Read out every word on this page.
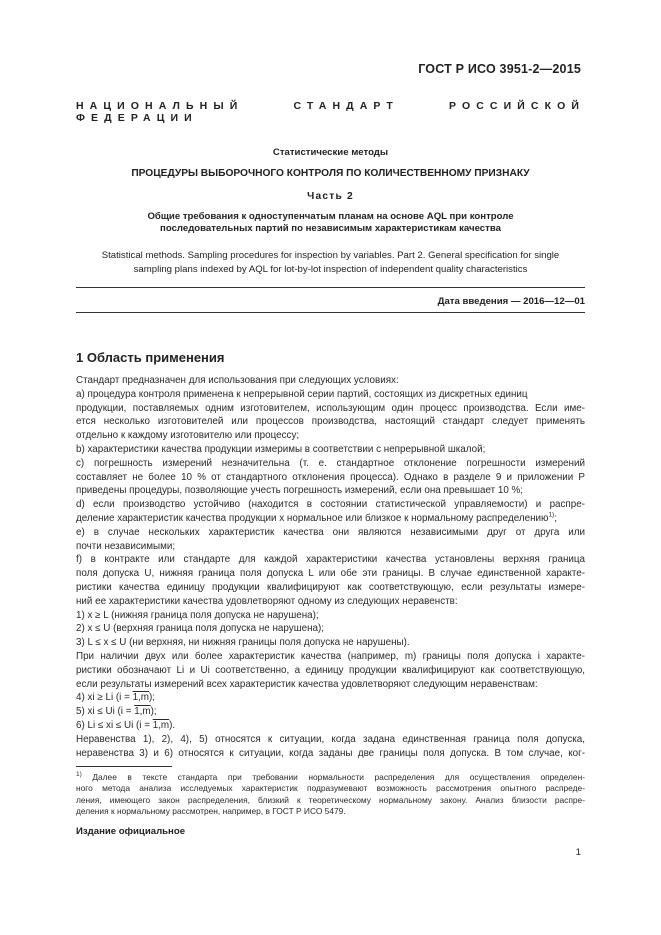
ГОСТ Р ИСО 3951-2—2015
НАЦИОНАЛЬНЫЙ СТАНДАРТ РОССИЙСКОЙ ФЕДЕРАЦИИ
Статистические методы
ПРОЦЕДУРЫ ВЫБОРОЧНОГО КОНТРОЛЯ ПО КОЛИЧЕСТВЕННОМУ ПРИЗНАКУ
Часть 2
Общие требования к одноступенчатым планам на основе AQL при контроле
последовательных партий по независимым характеристикам качества
Statistical methods. Sampling procedures for inspection by variables. Part 2. General specification for single
sampling plans indexed by AQL for lot-by-lot inspection of independent quality characteristics
Дата введения — 2016—12—01
1 Область применения
Стандарт предназначен для использования при следующих условиях:
а) процедура контроля применена к непрерывной серии партий, состоящих из дискретных единиц
продукции, поставляемых одним изготовителем, использующим один процесс производства. Если име-
ется несколько изготовителей или процессов производства, настоящий стандарт следует применять
отдельно к каждому изготовителю или процессу;
b) характеристики качества продукции измеримы в соответствии с непрерывной шкалой;
c) погрешность измерений незначительна (т. е. стандартное отклонение погрешности измерений
составляет не более 10 % от стандартного отклонения процесса). Однако в разделе 9 и приложении Р
приведены процедуры, позволяющие учесть погрешность измерений, если она превышает 10 %;
d) если производство устойчиво (находится в состоянии статистической управляемости) и распре-
деление характеристик качества продукции x нормальное или близкое к нормальному распределению$^{1)}$;
e) в случае нескольких характеристик качества они являются независимыми друг от друга или
почти независимыми;
f) в контракте или стандарте для каждой характеристики качества установлены верхняя граница
поля допуска U, нижняя граница поля допуска L или обе эти границы. В случае единственной характе-
ристики качества единицу продукции квалифицируют как соответствующую, если результаты измере-
ний ее характеристики качества удовлетворяют одному из следующих неравенств:
1) x ≥ L (нижняя граница поля допуска не нарушена);
2) x ≤ U (верхняя граница поля допуска не нарушена);
3) L ≤ x ≤ U (ни верхняя, ни нижняя границы поля допуска не нарушены).
При наличии двух или более характеристик качества (например, m) границы поля допуска i характе-
ристики обозначают Li и Ui соответственно, а единицу продукции квалифицируют как соответствующую,
если результаты измерений всех характеристик качества удовлетворяют следующим неравенствам:
4) xi ≥ Li (i = 1,m);
5) xi ≤ Ui (i = 1,m);
6) Li ≤ xi ≤ Ui (i = 1,m).
Неравенства 1), 2), 4), 5) относятся к ситуации, когда задана единственная граница поля допуска,
неравенства 3) и 6) относятся к ситуации, когда заданы две границы поля допуска. В том случае, ког-
$^{1)}$ Далее в тексте стандарта при требовании нормальности распределения для осуществления определен-
ного метода анализа исследуемых характеристик подразумевают возможность рассмотрения опытного распреде-
ления, имеющего закон распределения, близкий к теоретическому нормальному закону. Анализ близости распре-
деления к нормальному рассмотрен, например, в ГОСТ Р ИСО 5479.
Издание официальное
1
